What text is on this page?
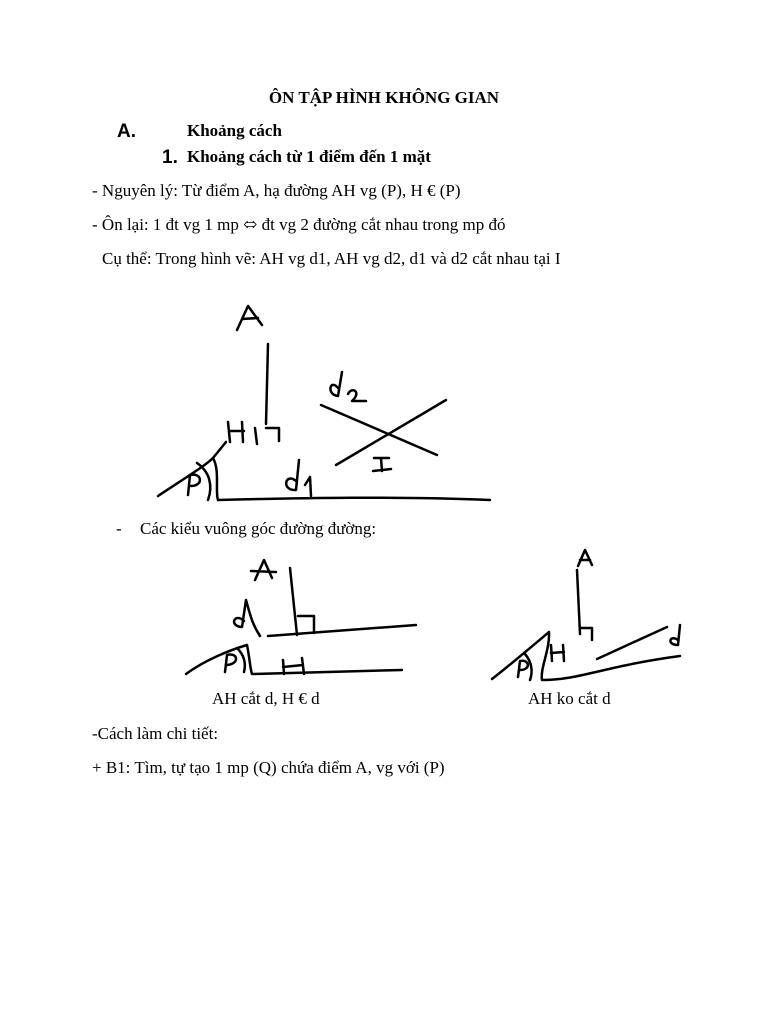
ÔN TẬP HÌNH KHÔNG GIAN
A.	Khoảng cách
1. Khoảng cách từ 1 điểm đến 1 mặt
- Nguyên lý: Từ điểm A, hạ đường AH vg (P), H € (P)
- Ôn lại: 1 đt vg 1 mp ⬄ đt vg 2 đường cắt nhau trong mp đó
Cụ thể: Trong hình vẽ: AH vg d1, AH vg d2, d1 và d2 cắt nhau tại I
- Các kiểu vuông góc đường đường:
AH cắt d, H € d	AH ko cắt d
-Cách làm chi tiết:
+ B1: Tìm, tự tạo 1 mp (Q) chứa điểm A, vg với (P)
